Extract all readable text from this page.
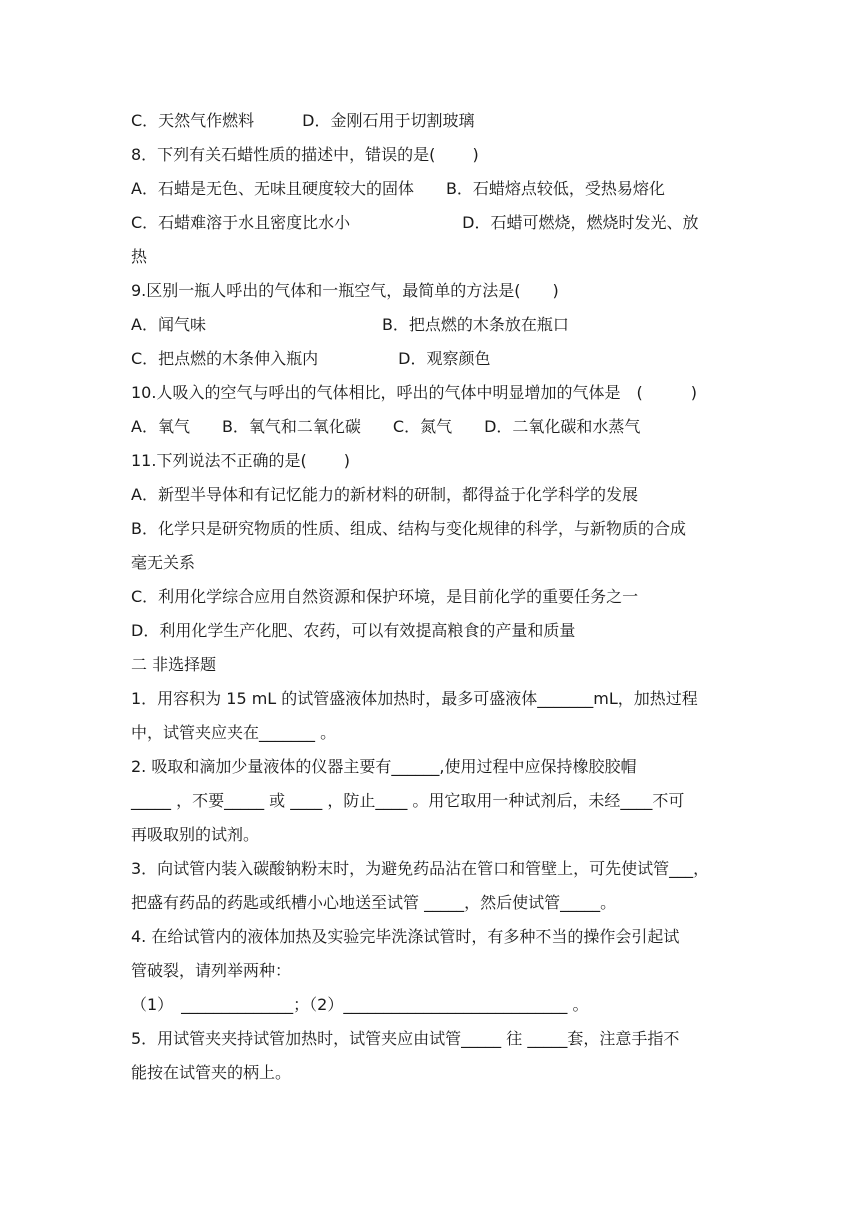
C．天然气作燃料　　　D．金刚石用于切割玻璃
8．下列有关石蜡性质的描述中，错误的是(　　 )
A．石蜡是无色、无味且硬度较大的固体　　B．石蜡熔点较低，受热易熔化
C．石蜡难溶于水且密度比水小　　　　　　　D．石蜡可燃烧，燃烧时发光、放
热
9.区别一瓶人呼出的气体和一瓶空气，最简单的方法是(　　)
A．闻气味　　　　　　　　　　　B．把点燃的木条放在瓶口
C．把点燃的木条伸入瓶内　　　　　D．观察颜色
10.人吸入的空气与呼出的气体相比，呼出的气体中明显增加的气体是　(　　　)
A．氧气　　B．氧气和二氧化碳　　C．氮气　　D．二氧化碳和水蒸气
11.下列说法不正确的是(　　 )
A．新型半导体和有记忆能力的新材料的研制，都得益于化学科学的发展
B．化学只是研究物质的性质、组成、结构与变化规律的科学，与新物质的合成
毫无关系
C．利用化学综合应用自然资源和保护环境，是目前化学的重要任务之一
D．利用化学生产化肥、农药，可以有效提高粮食的产量和质量
二 非选择题
1．用容积为 15 mL 的试管盛液体加热时，最多可盛液体_______mL，加热过程
中，试管夹应夹在_______ 。
2. 吸取和滴加少量液体的仪器主要有______,使用过程中应保持橡胶胶帽
_____ ，不要_____ 或 ____ ，防止____ 。用它取用一种试剂后，未经____不可
再吸取别的试剂。
3．向试管内装入碳酸钠粉末时，为避免药品沾在管口和管壁上，可先使试管___，
把盛有药品的药匙或纸槽小心地送至试管 _____，然后使试管_____。
4. 在给试管内的液体加热及实验完毕洗涤试管时，有多种不当的操作会引起试
管破裂，请列举两种：
（1）　______________；（2）____________________________ 。
5．用试管夹夹持试管加热时，试管夹应由试管_____ 往 _____套，注意手指不
能按在试管夹的柄上。
